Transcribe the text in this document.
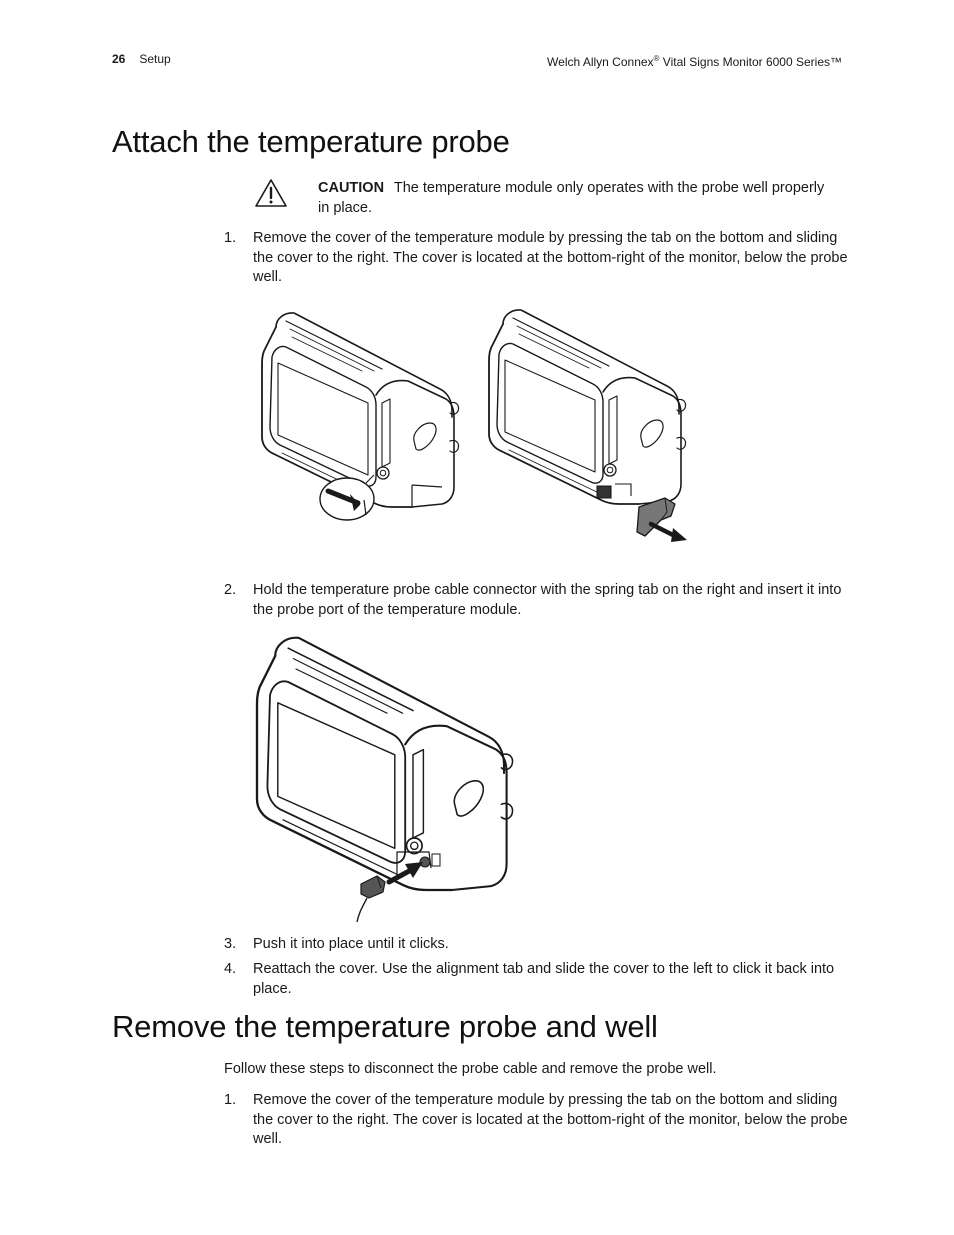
26 Setup	Welch Allyn Connex® Vital Signs Monitor 6000 Series™
Attach the temperature probe
CAUTION The temperature module only operates with the probe well properly in place.
1. Remove the cover of the temperature module by pressing the tab on the bottom and sliding the cover to the right. The cover is located at the bottom-right of the monitor, below the probe well.
2. Hold the temperature probe cable connector with the spring tab on the right and insert it into the probe port of the temperature module.
3. Push it into place until it clicks.
4. Reattach the cover. Use the alignment tab and slide the cover to the left to click it back into place.
Remove the temperature probe and well
Follow these steps to disconnect the probe cable and remove the probe well.
1. Remove the cover of the temperature module by pressing the tab on the bottom and sliding the cover to the right. The cover is located at the bottom-right of the monitor, below the probe well.
